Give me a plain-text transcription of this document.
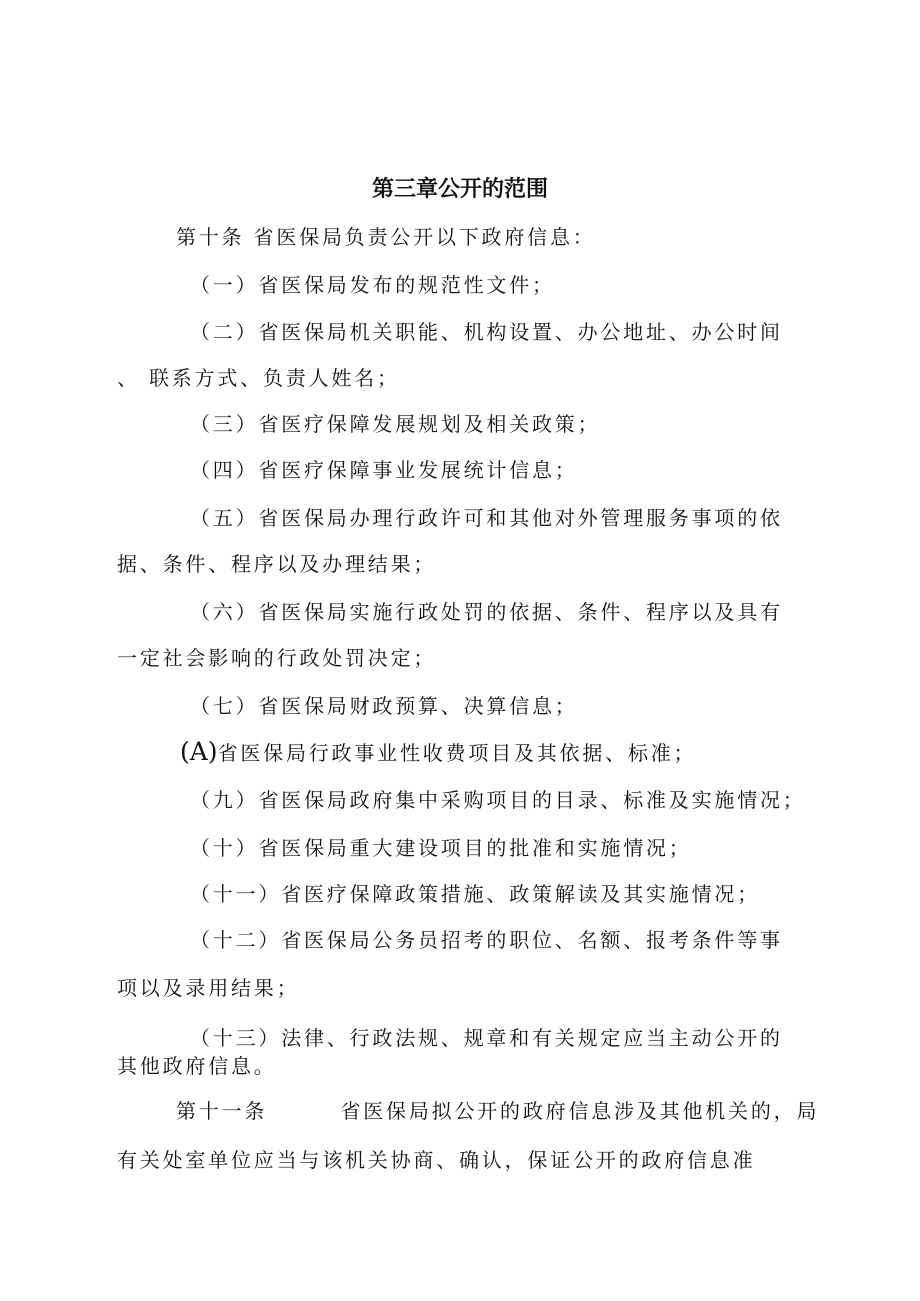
第三章公开的范围
第十条 省医保局负责公开以下政府信息：
（一）省医保局发布的规范性文件；
（二）省医保局机关职能、机构设置、办公地址、办公时间
、 联系方式、负责人姓名；
（三）省医疗保障发展规划及相关政策；
（四）省医疗保障事业发展统计信息；
（五）省医保局办理行政许可和其他对外管理服务事项的依
据、条件、程序以及办理结果；
（六）省医保局实施行政处罚的依据、条件、程序以及具有
一定社会影响的行政处罚决定；
（七）省医保局财政预算、决算信息；
(A)省医保局行政事业性收费项目及其依据、标准；
（九）省医保局政府集中采购项目的目录、标准及实施情况；
（十）省医保局重大建设项目的批准和实施情况；
（十一）省医疗保障政策措施、政策解读及其实施情况；
（十二）省医保局公务员招考的职位、名额、报考条件等事
项以及录用结果；
（十三）法律、行政法规、规章和有关规定应当主动公开的
其他政府信息。
第十一条        省医保局拟公开的政府信息涉及其他机关的，局
有关处室单位应当与该机关协商、确认，保证公开的政府信息准
